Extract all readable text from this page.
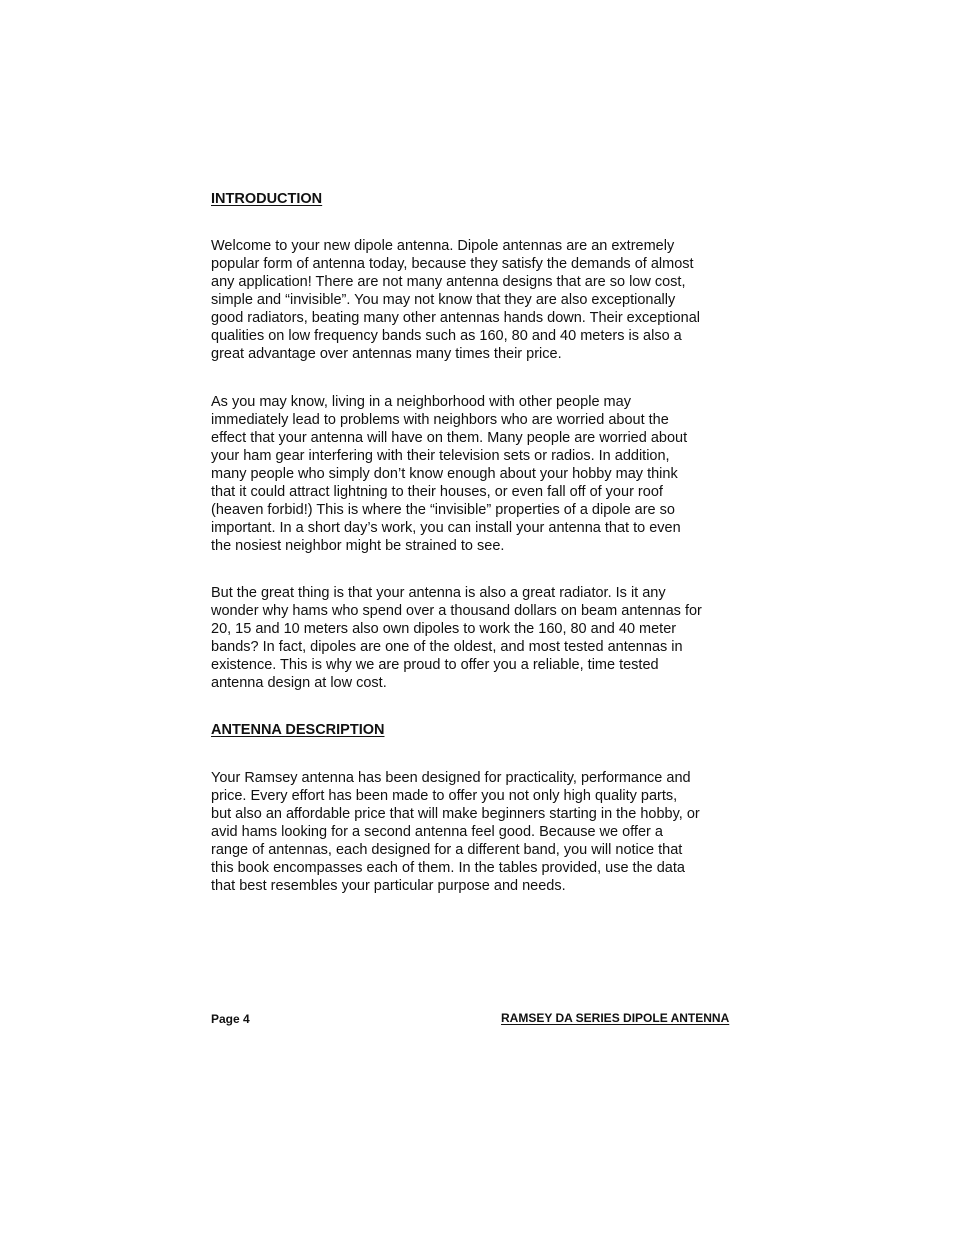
INTRODUCTION

Welcome to your new dipole antenna. Dipole antennas are an extremely
popular form of antenna today, because they satisfy the demands of almost
any application! There are not many antenna designs that are so low cost,
simple and “invisible”. You may not know that they are also exceptionally
good radiators, beating many other antennas hands down. Their exceptional
qualities on low frequency bands such as 160, 80 and 40 meters is also a
great advantage over antennas many times their price.

As you may know, living in a neighborhood with other people may
immediately lead to problems with neighbors who are worried about the
effect that your antenna will have on them. Many people are worried about
your ham gear interfering with their television sets or radios. In addition,
many people who simply don’t know enough about your hobby may think
that it could attract lightning to their houses, or even fall off of your roof
(heaven forbid!) This is where the “invisible” properties of a dipole are so
important. In a short day’s work, you can install your antenna that to even
the nosiest neighbor might be strained to see.

But the great thing is that your antenna is also a great radiator. Is it any
wonder why hams who spend over a thousand dollars on beam antennas for
20, 15 and 10 meters also own dipoles to work the 160, 80 and 40 meter
bands? In fact, dipoles are one of the oldest, and most tested antennas in
existence. This is why we are proud to offer you a reliable, time tested
antenna design at low cost.

ANTENNA DESCRIPTION

Your Ramsey antenna has been designed for practicality, performance and
price. Every effort has been made to offer you not only high quality parts,
but also an affordable price that will make beginners starting in the hobby, or
avid hams looking for a second antenna feel good. Because we offer a
range of antennas, each designed for a different band, you will notice that
this book encompasses each of them. In the tables provided, use the data
that best resembles your particular purpose and needs.

Page 4	RAMSEY DA SERIES DIPOLE ANTENNA
